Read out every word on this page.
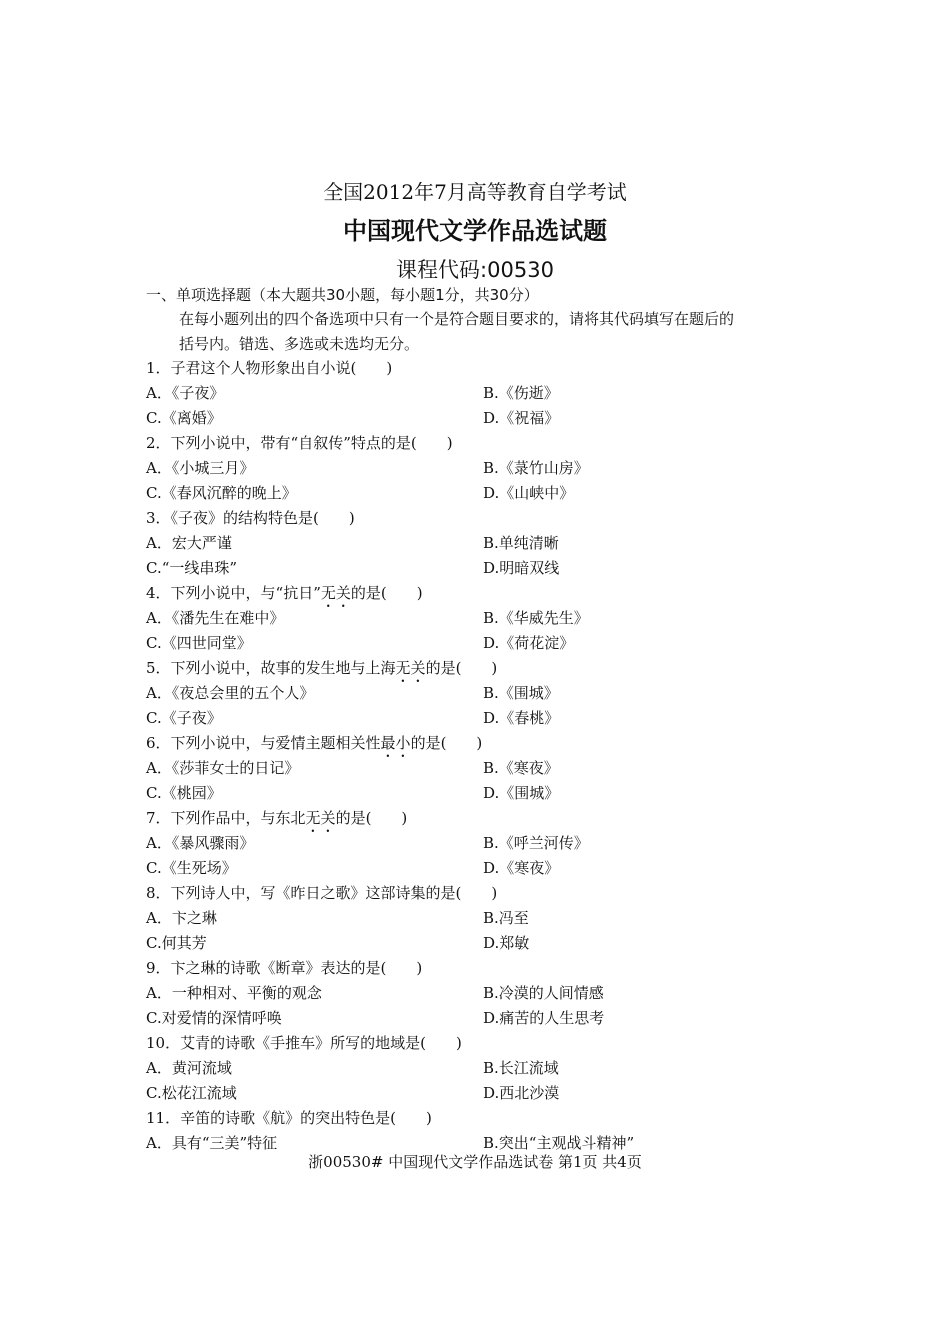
全国2012年7月高等教育自学考试
中国现代文学作品选试题
课程代码:00530
一、单项选择题（本大题共30小题，每小题1分，共30分）
在每小题列出的四个备选项中只有一个是符合题目要求的，请将其代码填写在题后的
括号内。错选、多选或未选均无分。
1．子君这个人物形象出自小说(　　)
A．《子夜》	B.《伤逝》
C.《离婚》	D.《祝福》
2．下列小说中，带有“自叙传”特点的是(　　)
A．《小城三月》	B.《菉竹山房》
C.《春风沉醉的晚上》	D.《山峡中》
3．《子夜》的结构特色是(　　)
A．宏大严谨	B.单纯清晰
C.“一线串珠”	D.明暗双线
4．下列小说中，与“抗日”无关的是(　　)
A．《潘先生在难中》	B.《华威先生》
C.《四世同堂》	D.《荷花淀》
5．下列小说中，故事的发生地与上海无关的是(　　)
A．《夜总会里的五个人》	B.《围城》
C.《子夜》	D.《春桃》
6．下列小说中，与爱情主题相关性最小的是(　　)
A．《莎菲女士的日记》	B.《寒夜》
C.《桃园》	D.《围城》
7．下列作品中，与东北无关的是(　　)
A．《暴风骤雨》	B.《呼兰河传》
C.《生死场》	D.《寒夜》
8．下列诗人中，写《昨日之歌》这部诗集的是(　　)
A．卞之琳	B.冯至
C.何其芳	D.郑敏
9．卞之琳的诗歌《断章》表达的是(　　)
A．一种相对、平衡的观念	B.冷漠的人间情感
C.对爱情的深情呼唤	D.痛苦的人生思考
10．艾青的诗歌《手推车》所写的地域是(　　)
A．黄河流域	B.长江流域
C.松花江流域	D.西北沙漠
11．辛笛的诗歌《航》的突出特色是(　　)
A．具有“三美”特征	B.突出“主观战斗精神”
浙00530# 中国现代文学作品选试卷 第1页 共4页
